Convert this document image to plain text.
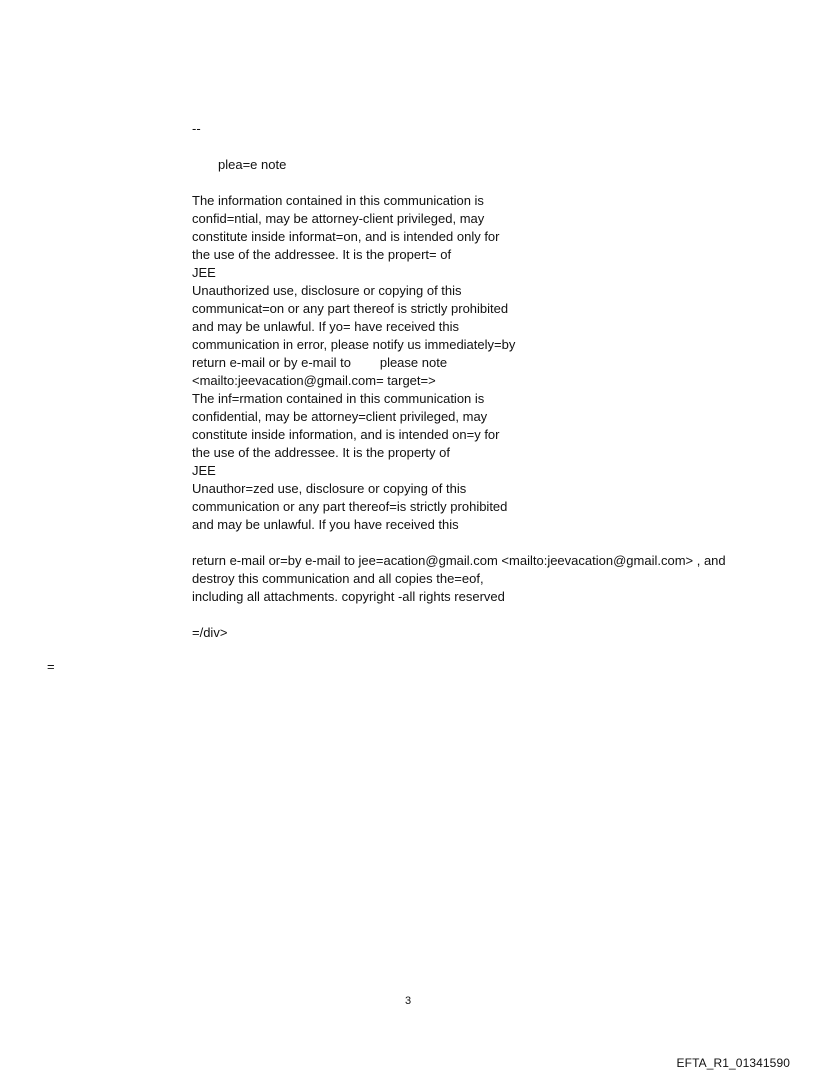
--
plea=e note
The information contained in this communication is
confid=ntial, may be attorney-client privileged, may
constitute inside informat=on, and is intended only for
the use of the addressee. It is the propert= of
JEE
Unauthorized use, disclosure or copying of this
communicat=on or any part thereof is strictly prohibited
and may be unlawful. If yo= have received this
communication in error, please notify us immediately=by
return e-mail or by e-mail to        please note
<mailto:jeevacation@gmail.com= target=>
The inf=rmation contained in this communication is
confidential, may be attorney=client privileged, may
constitute inside information, and is intended on=y for
the use of the addressee. It is the property of
JEE
Unauthor=zed use, disclosure or copying of this
communication or any part thereof=is strictly prohibited
and may be unlawful. If you have received this
return e-mail or=by e-mail to jee=acation@gmail.com <mailto:jeevacation@gmail.com> , and
destroy this communication and all copies the=eof,
including all attachments. copyright -all rights reserved
=/div>
=
3
EFTA_R1_01341590
